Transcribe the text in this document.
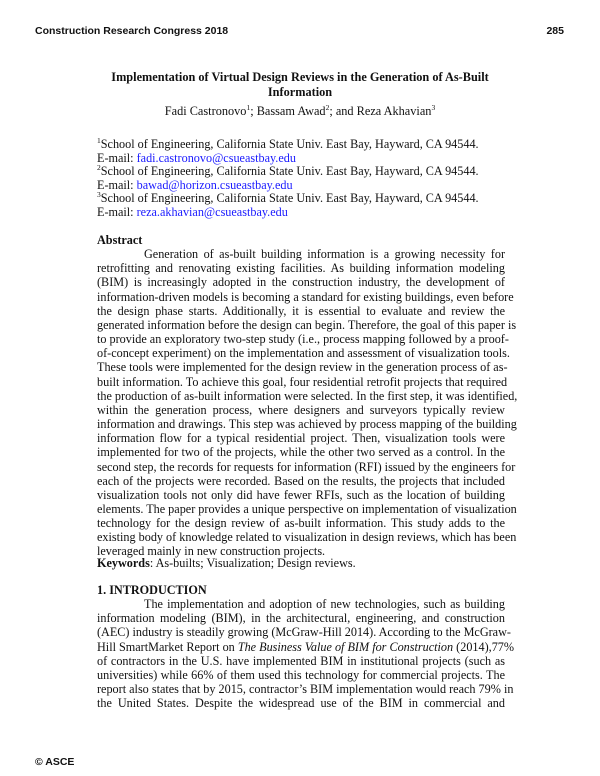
Construction Research Congress 2018	285
Implementation of Virtual Design Reviews in the Generation of As-Built
Information
Fadi Castronovo$^1$; Bassam Awad$^2$; and Reza Akhavian$^3$
$^1$School of Engineering, California State Univ. East Bay, Hayward, CA 94544.
E-mail: fadi.castronovo@csueastbay.edu
$^2$School of Engineering, California State Univ. East Bay, Hayward, CA 94544.
E-mail: bawad@horizon.csueastbay.edu
$^3$School of Engineering, California State Univ. East Bay, Hayward, CA 94544.
E-mail: reza.akhavian@csueastbay.edu
Abstract
Generation of as-built building information is a growing necessity for
retrofitting and renovating existing facilities. As building information modeling
(BIM) is increasingly adopted in the construction industry, the development of
information-driven models is becoming a standard for existing buildings, even before
the design phase starts. Additionally, it is essential to evaluate and review the
generated information before the design can begin. Therefore, the goal of this paper is
to provide an exploratory two-step study (i.e., process mapping followed by a proof-
of-concept experiment) on the implementation and assessment of visualization tools.
These tools were implemented for the design review in the generation process of as-
built information. To achieve this goal, four residential retrofit projects that required
the production of as-built information were selected. In the first step, it was identified,
within the generation process, where designers and surveyors typically review
information and drawings. This step was achieved by process mapping of the building
information flow for a typical residential project. Then, visualization tools were
implemented for two of the projects, while the other two served as a control. In the
second step, the records for requests for information (RFI) issued by the engineers for
each of the projects were recorded. Based on the results, the projects that included
visualization tools not only did have fewer RFIs, such as the location of building
elements. The paper provides a unique perspective on implementation of visualization
technology for the design review of as-built information. This study adds to the
existing body of knowledge related to visualization in design reviews, which has been
leveraged mainly in new construction projects.
Keywords: As-builts; Visualization; Design reviews.
1. INTRODUCTION
The implementation and adoption of new technologies, such as building
information modeling (BIM), in the architectural, engineering, and construction
(AEC) industry is steadily growing (McGraw-Hill 2014). According to the McGraw-
Hill SmartMarket Report on The Business Value of BIM for Construction (2014),77%
of contractors in the U.S. have implemented BIM in institutional projects (such as
universities) while 66% of them used this technology for commercial projects. The
report also states that by 2015, contractor’s BIM implementation would reach 79% in
the United States. Despite the widespread use of the BIM in commercial and
© ASCE
